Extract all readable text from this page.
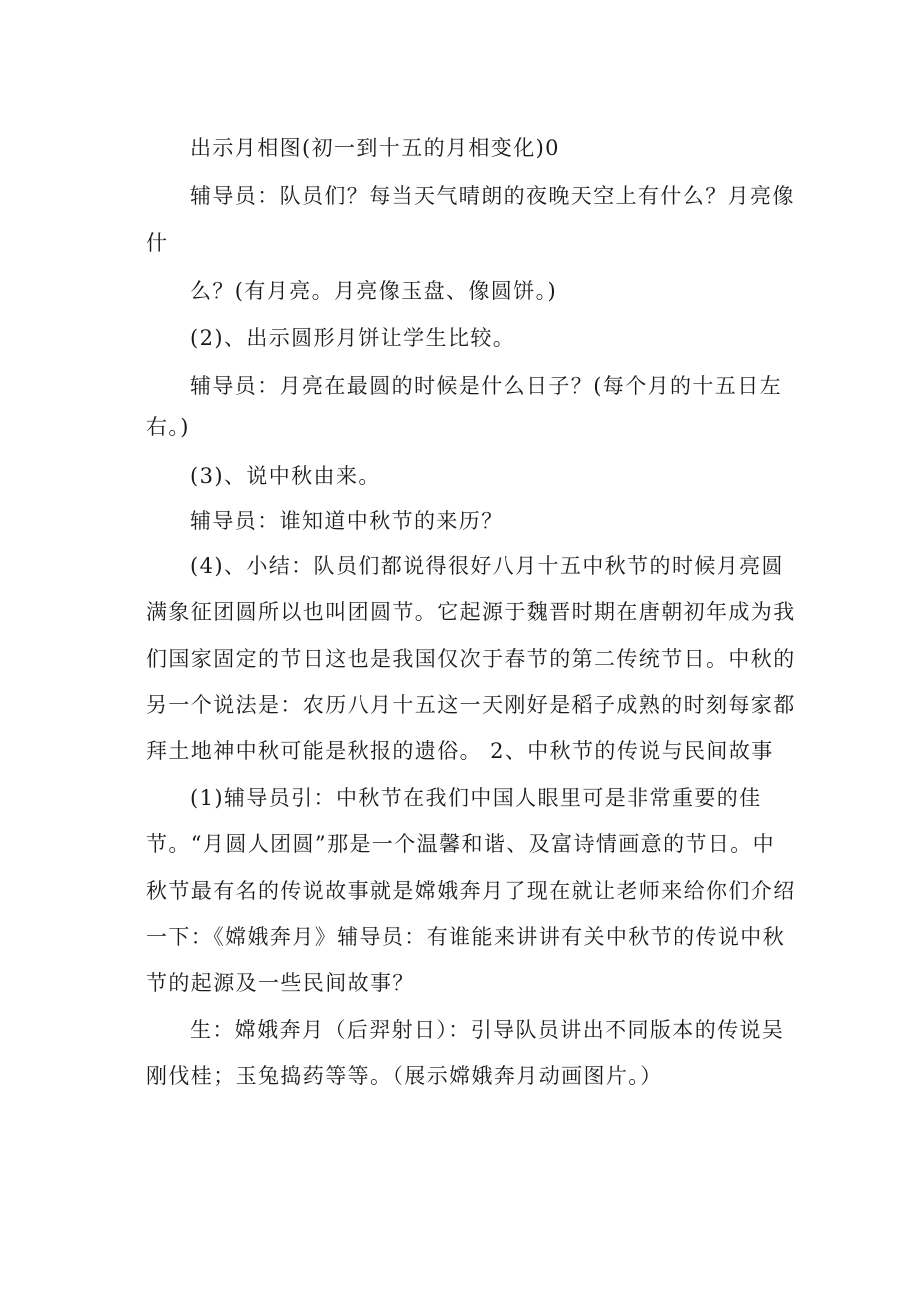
出示月相图(初一到十五的月相变化)0
辅导员：队员们？每当天气晴朗的夜晚天空上有什么？月亮像
什
么？(有月亮。月亮像玉盘、像圆饼。)
(2)、出示圆形月饼让学生比较。
辅导员：月亮在最圆的时候是什么日子？(每个月的十五日左
右。)
(3)、说中秋由来。
辅导员：谁知道中秋节的来历？
(4)、小结：队员们都说得很好八月十五中秋节的时候月亮圆
满象征团圆所以也叫团圆节。它起源于魏晋时期在唐朝初年成为我
们国家固定的节日这也是我国仅次于春节的第二传统节日。中秋的
另一个说法是：农历八月十五这一天刚好是稻子成熟的时刻每家都
拜土地神中秋可能是秋报的遗俗。 2、中秋节的传说与民间故事
(1)辅导员引：中秋节在我们中国人眼里可是非常重要的佳
节。“月圆人团圆”那是一个温馨和谐、及富诗情画意的节日。中
秋节最有名的传说故事就是嫦娥奔月了现在就让老师来给你们介绍
一下：《嫦娥奔月》辅导员：有谁能来讲讲有关中秋节的传说中秋
节的起源及一些民间故事？
生：嫦娥奔月（后羿射日）：引导队员讲出不同版本的传说吴
刚伐桂；玉兔捣药等等。（展示嫦娥奔月动画图片。）
